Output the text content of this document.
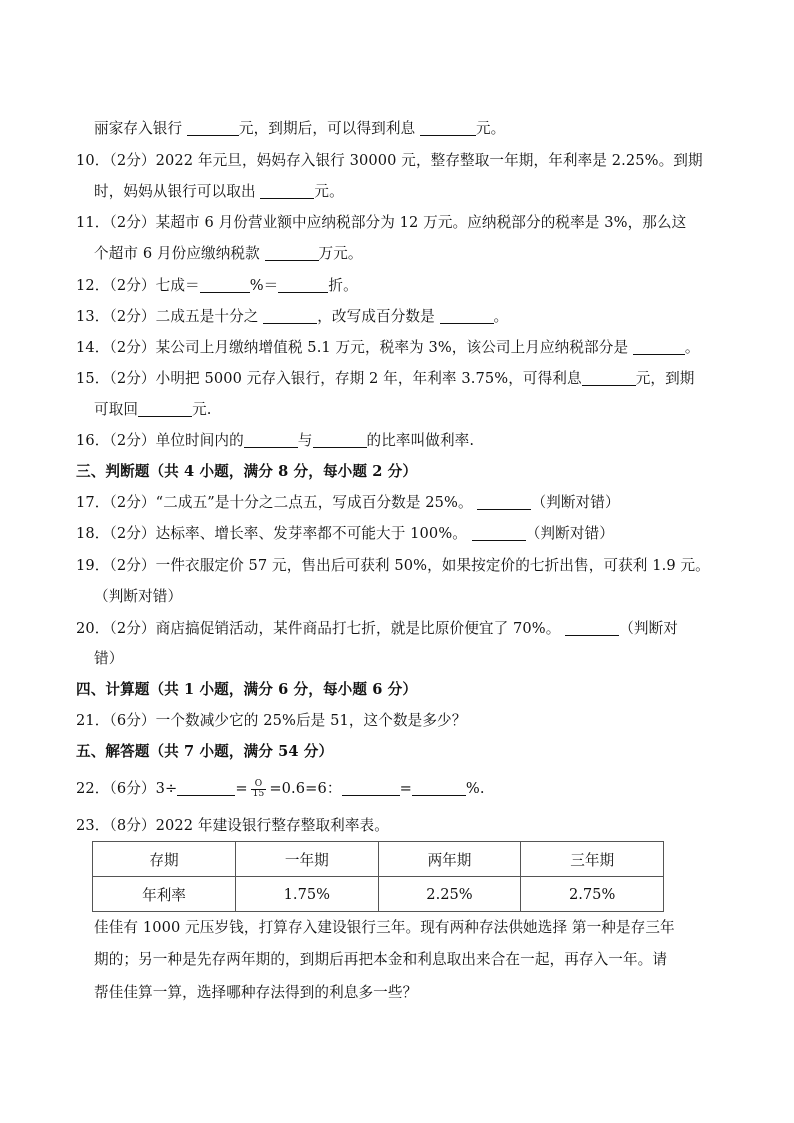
丽家存入银行	元，到期后，可以得到利息	元。
10．（2分）2022 年元旦，妈妈存入银行 30000 元，整存整取一年期，年利率是 2.25%。到期
时，妈妈从银行可以取出	元。
11．（2分）某超市 6 月份营业额中应纳税部分为 12 万元。应纳税部分的税率是 3%，那么这
个超市 6 月份应缴纳税款	万元。
12．（2分）七成＝	%＝	折。
13．（2分）二成五是十分之	，改写成百分数是	。
14．（2分）某公司上月缴纳增值税 5.1 万元，税率为 3%，该公司上月应纳税部分是	。
15．（2分）小明把 5000 元存入银行，存期 2 年，年利率 3.75%，可得利息	元，到期
可取回	元.
16．（2分）单位时间内的	与	的比率叫做利率.
三、判断题（共 4 小题，满分 8 分，每小题 2 分）
17．（2分）“二成五”是十分之二点五，写成百分数是 25%。	（判断对错）
18．（2分）达标率、增长率、发芽率都不可能大于 100%。	（判断对错）
19．（2分）一件衣服定价 57 元，售出后可获利 50%，如果按定价的七折出售，可获利 1.9 元。
（判断对错）
20．（2分）商店搞促销活动，某件商品打七折，就是比原价便宜了 70%。	（判断对
错）
四、计算题（共 1 小题，满分 6 分，每小题 6 分）
21．（6分）一个数减少它的 25%后是 51，这个数是多少？
五、解答题（共 7 小题，满分 54 分）
22．（6分）3÷	= $\frac{O}{15} =0.6=6$：	=	%.
23．（8分）2022 年建设银行整存整取利率表。
存期	一年期	两年期	三年期
年利率	1.75%	2.25%	2.75%
佳佳有 1000 元压岁钱，打算存入建设银行三年。现有两种存法供她选择 第一种是存三年
期的；另一种是先存两年期的，到期后再把本金和利息取出来合在一起，再存入一年。请
帮佳佳算一算，选择哪种存法得到的利息多一些？
